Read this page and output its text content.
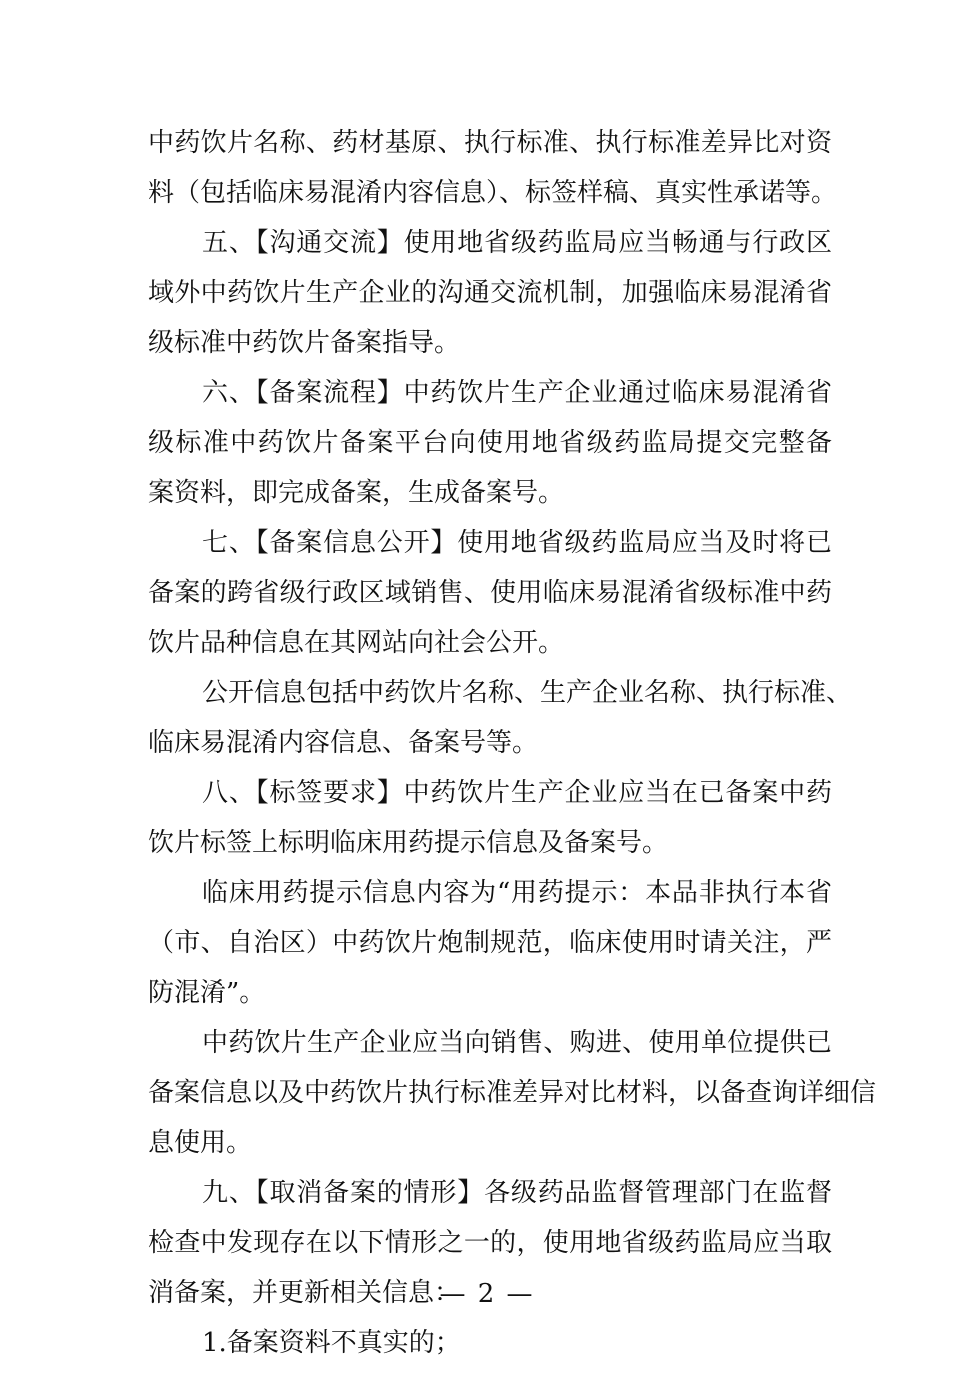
中药饮片名称、药材基原、执行标准、执行标准差异比对资
料（包括临床易混淆内容信息）、标签样稿、真实性承诺等。
五、【沟通交流】使用地省级药监局应当畅通与行政区
域外中药饮片生产企业的沟通交流机制，加强临床易混淆省
级标准中药饮片备案指导。
六、【备案流程】中药饮片生产企业通过临床易混淆省
级标准中药饮片备案平台向使用地省级药监局提交完整备
案资料，即完成备案，生成备案号。
七、【备案信息公开】使用地省级药监局应当及时将已
备案的跨省级行政区域销售、使用临床易混淆省级标准中药
饮片品种信息在其网站向社会公开。
公开信息包括中药饮片名称、生产企业名称、执行标准、
临床易混淆内容信息、备案号等。
八、【标签要求】中药饮片生产企业应当在已备案中药
饮片标签上标明临床用药提示信息及备案号。
临床用药提示信息内容为“用药提示：本品非执行本省
（市、自治区）中药饮片炮制规范，临床使用时请关注，严
防混淆”。
中药饮片生产企业应当向销售、购进、使用单位提供已
备案信息以及中药饮片执行标准差异对比材料，以备查询详细信
息使用。
九、【取消备案的情形】各级药品监督管理部门在监督
检查中发现存在以下情形之一的，使用地省级药监局应当取
消备案，并更新相关信息：
1.备案资料不真实的；
— 2 —
